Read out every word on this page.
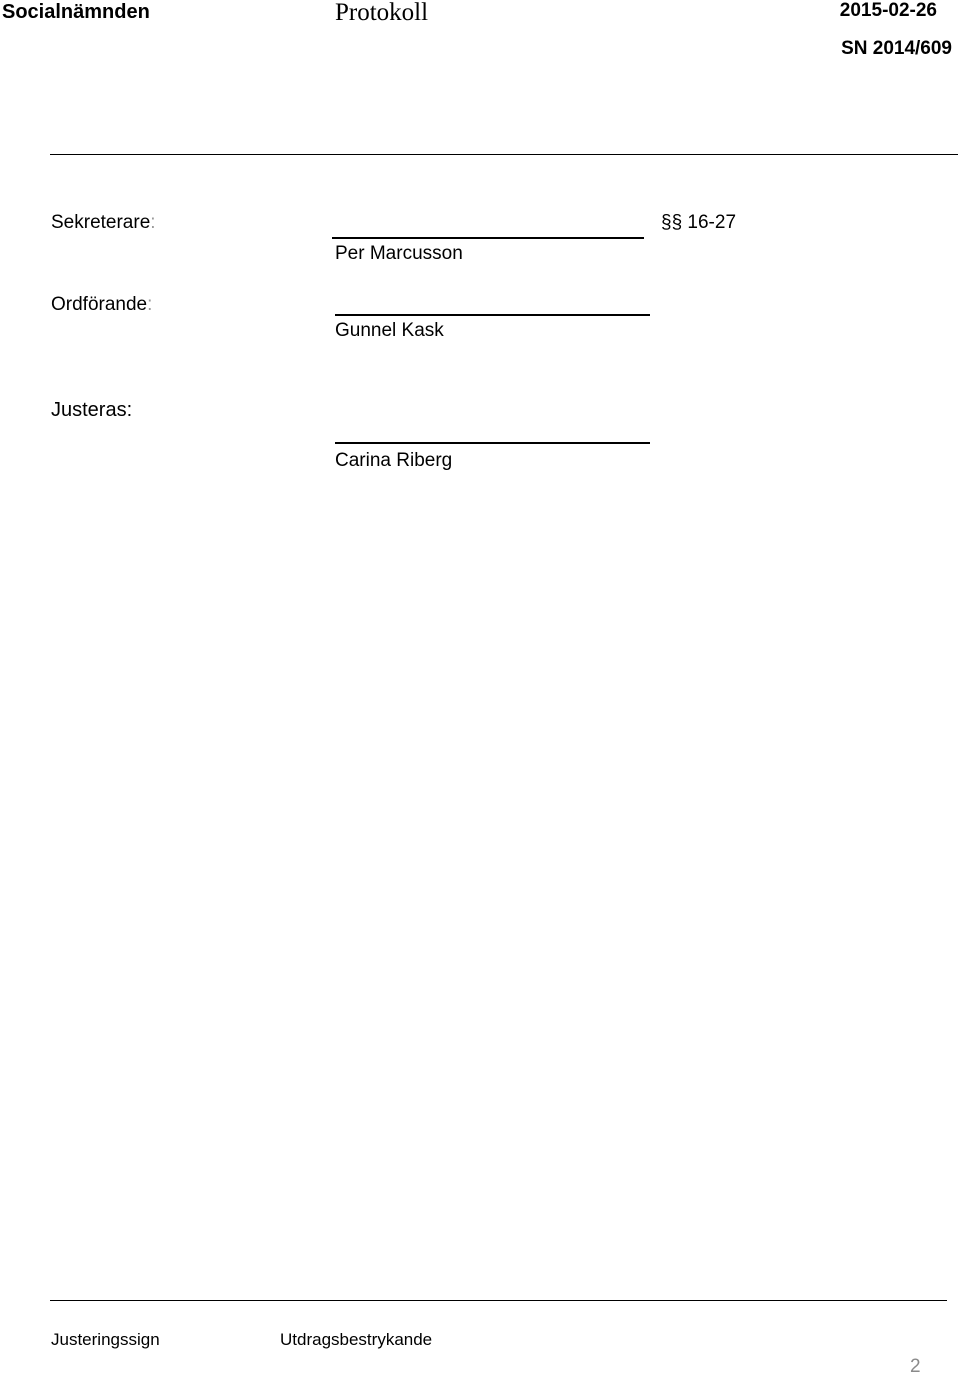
Socialnämnden	Protokoll	2015-02-26
SN 2014/609
Sekreterare:	§§ 16-27
Per Marcusson
Ordförande:
Gunnel Kask
Justeras:
Carina Riberg
Justeringssign	Utdragsbestrykande
2
